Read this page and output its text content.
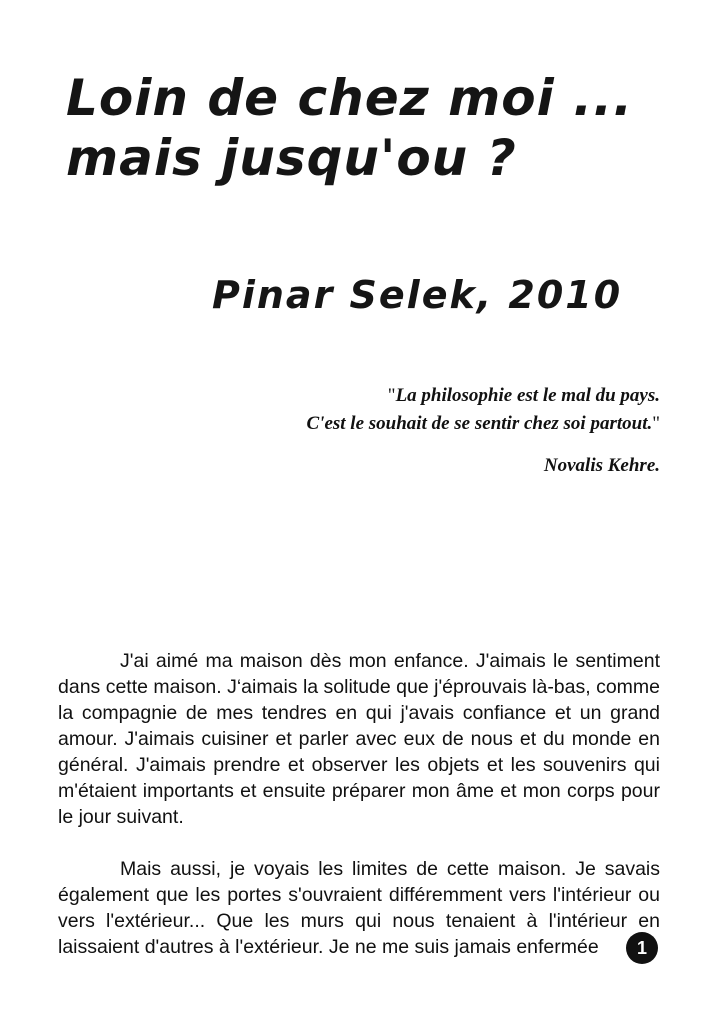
Loin de chez moi ...
mais jusqu'ou ?
Pinar Selek, 2010
"La philosophie est le mal du pays.
C'est le souhait de se sentir chez soi partout."
Novalis Kehre.

J'ai aimé ma maison dès mon enfance. J'aimais le sentiment dans cette maison. J‘aimais la solitude que j'éprouvais là-bas, comme la compagnie de mes tendres en qui j'avais confiance et un grand amour. J'aimais cuisiner et parler avec eux de nous et du monde en général. J'aimais prendre et observer les objets et les souvenirs qui m'étaient importants et ensuite préparer mon âme et mon corps pour le jour suivant.

Mais aussi, je voyais les limites de cette maison. Je savais également que les portes s'ouvraient différemment vers l'intérieur ou vers l'extérieur... Que les murs qui nous tenaient à l'intérieur en laissaient d'autres à l'extérieur. Je ne me suis jamais enfermée	1
